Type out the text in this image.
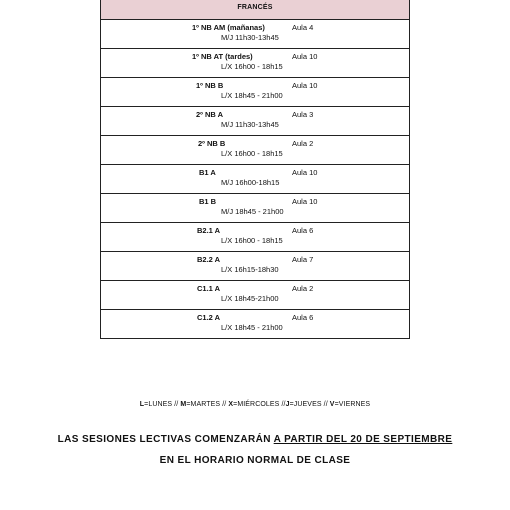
FRANCÉS
1º NB AM (mañanas)	Aula 4
M/J 11h30-13h45
1º NB AT (tardes)	Aula 10
L/X 16h00 - 18h15
1º NB B	Aula 10
L/X 18h45 - 21h00
2º NB A	Aula 3
M/J 11h30-13h45
2º NB B	Aula 2
L/X 16h00 - 18h15
B1 A	Aula 10
M/J 16h00-18h15
B1 B	Aula 10
M/J 18h45 - 21h00
B2.1 A	Aula 6
L/X 16h00 - 18h15
B2.2 A	Aula 7
L/X 16h15-18h30
C1.1 A	Aula 2
L/X 18h45-21h00
C1.2 A	Aula 6
L/X 18h45 - 21h00
L=LUNES // M=MARTES // X=MIÉRCOLES //J=JUEVES // V=VIERNES
LAS SESIONES LECTIVAS COMENZARÁN A PARTIR DEL 20 DE SEPTIEMBRE
EN EL HORARIO NORMAL DE CLASE
